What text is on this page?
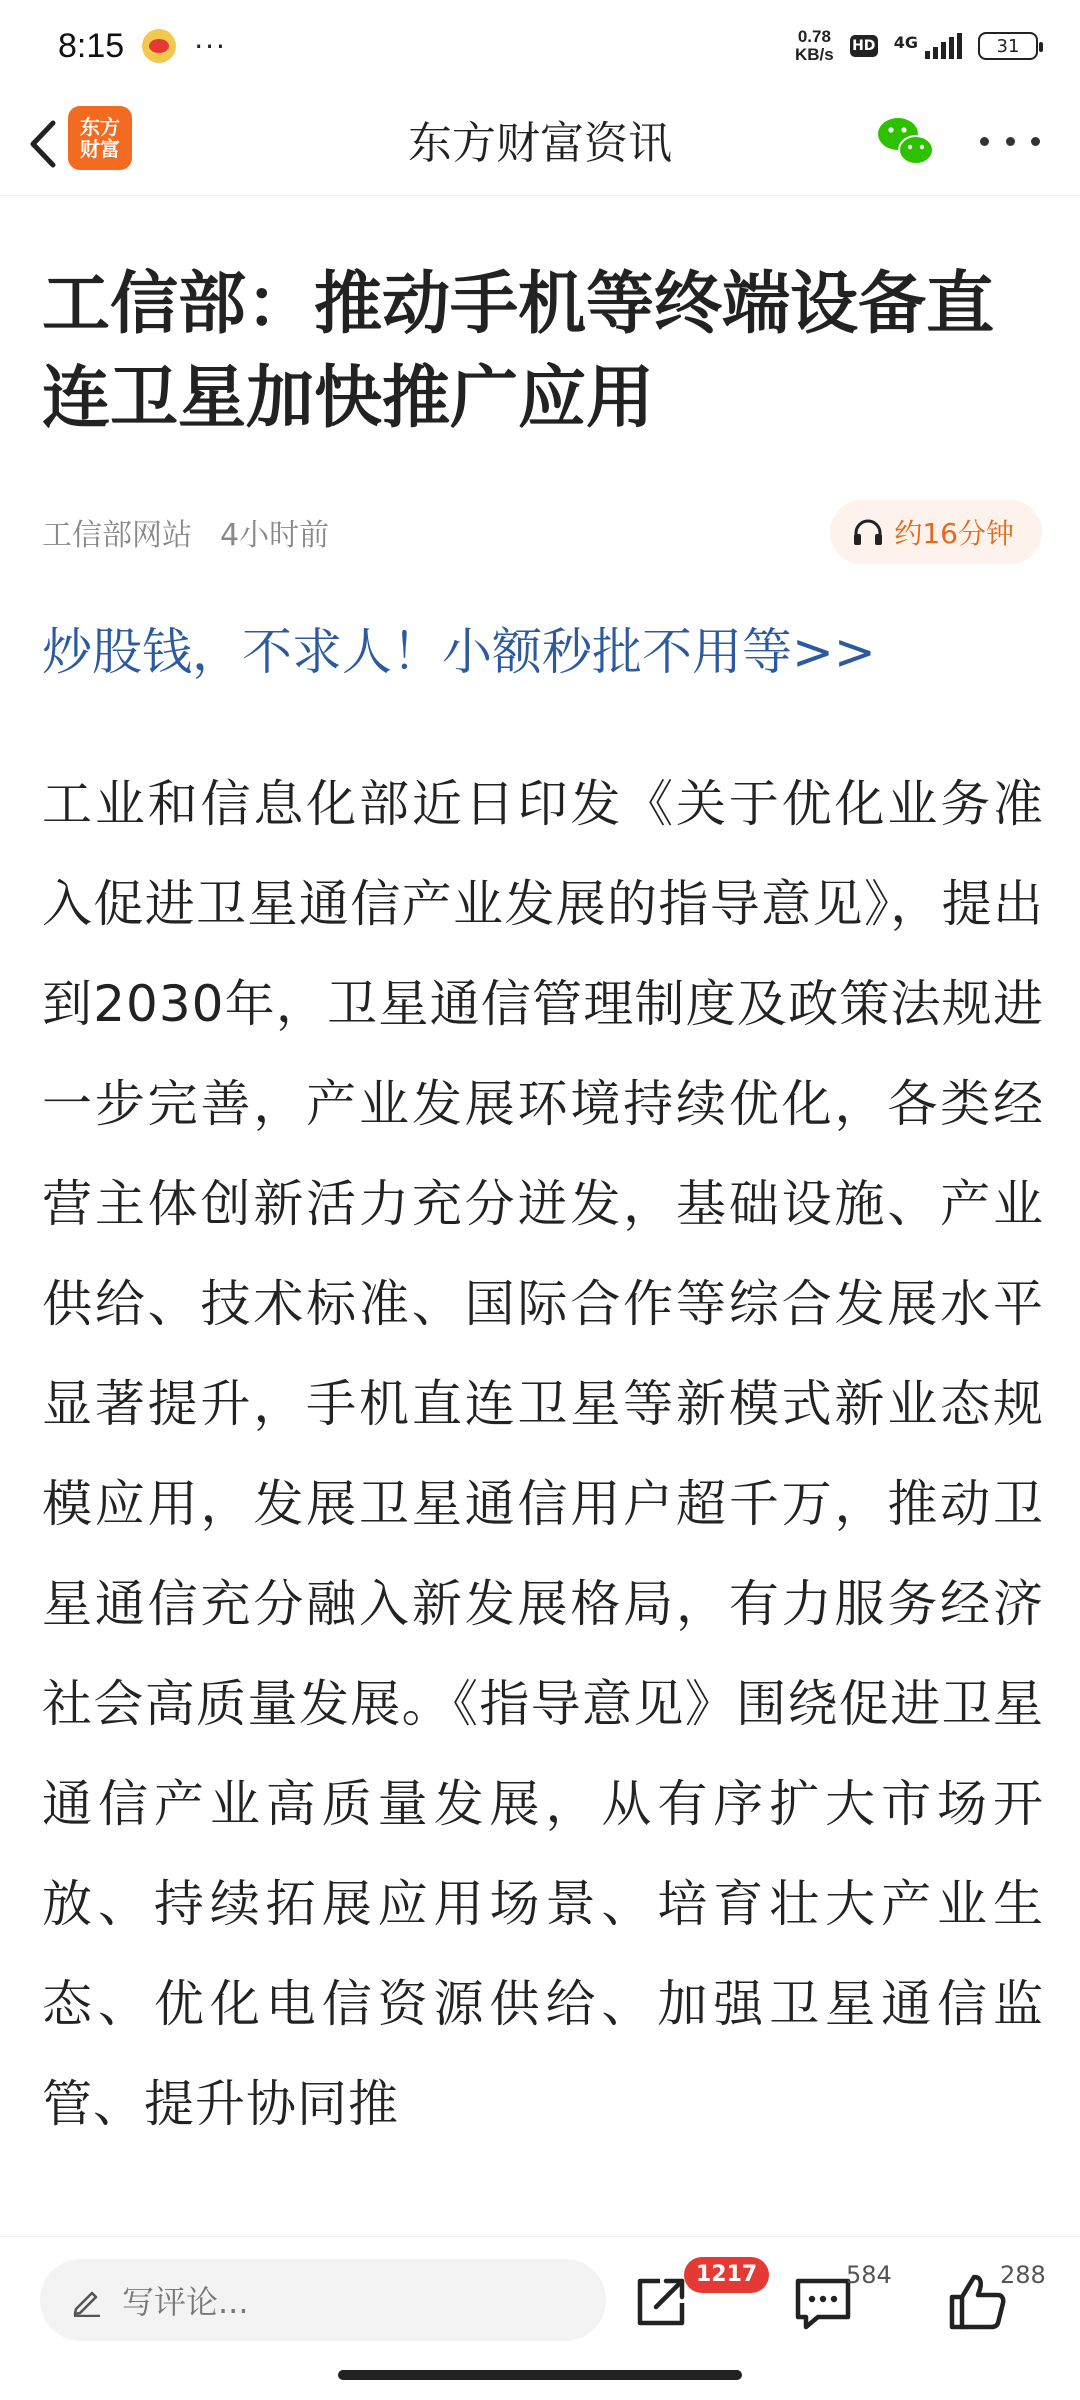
8:15	···	0.78
KB/s HD 4G	31
东方
财富	东方财富资讯
工信部：推动手机等终端设备直连卫星加快推广应用
工信部网站 4小时前	约16分钟
炒股钱，不求人！小额秒批不用等>>

工业和信息化部近日印发《关于优化业务准入促进卫星通信产业发展的指导意见》，提出到2030年，卫星通信管理制度及政策法规进一步完善，产业发展环境持续优化，各类经营主体创新活力充分迸发，基础设施、产业供给、技术标准、国际合作等综合发展水平显著提升，手机直连卫星等新模式新业态规模应用，发展卫星通信用户超千万，推动卫星通信充分融入新发展格局，有力服务经济社会高质量发展。《指导意见》围绕促进卫星通信产业高质量发展，从有序扩大市场开放、持续拓展应用场景、培育壮大产业生态、优化电信资源供给、加强卫星通信监管、提升协同推

写评论...
1217	584	288
